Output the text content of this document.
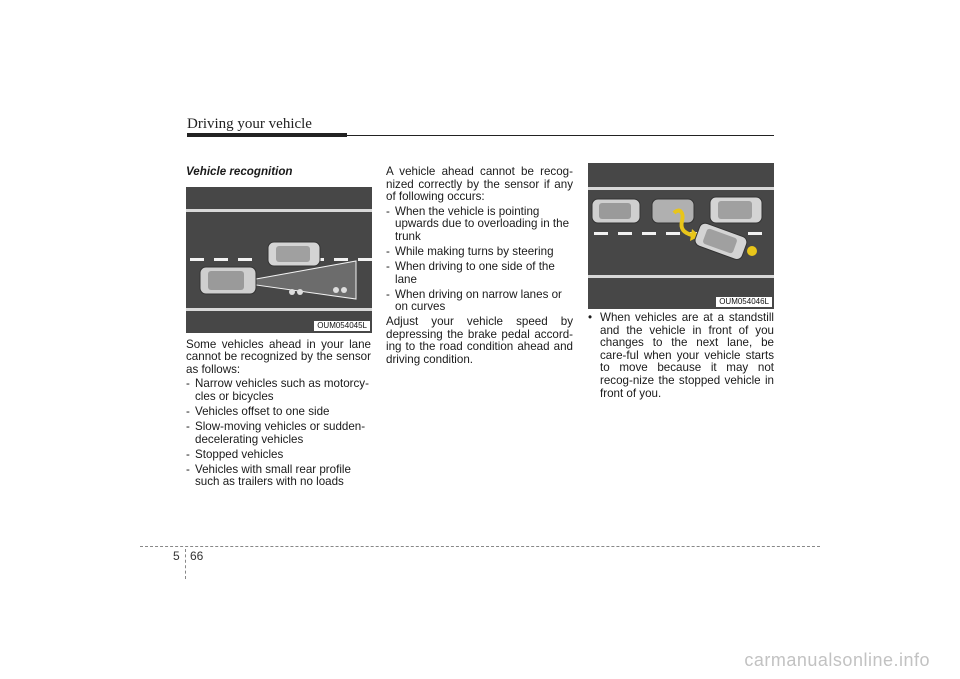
Driving your vehicle
Vehicle recognition
OUM054045L

Some vehicles ahead in your lane cannot be recognized by the sensor as follows:

- Narrow vehicles such as motorcy-cles or bicycles
- Vehicles offset to one side
- Slow-moving vehicles or sudden-decelerating vehicles
- Stopped vehicles
- Vehicles with small rear profile such as trailers with no loads

A vehicle ahead cannot be recog-nized correctly by the sensor if any of following occurs:

- When the vehicle is pointing upwards due to overloading in the trunk
- While making turns by steering
- When driving to one side of the lane
- When driving on narrow lanes or on curves

Adjust your vehicle speed by depressing the brake pedal accord-ing to the road condition ahead and driving condition.

OUM054046L
• When vehicles are at a standstill and the vehicle in front of you changes to the next lane, be care-ful when your vehicle starts to move because it may not recog-nize the stopped vehicle in front of you.
5 66
carmanualsonline.info
